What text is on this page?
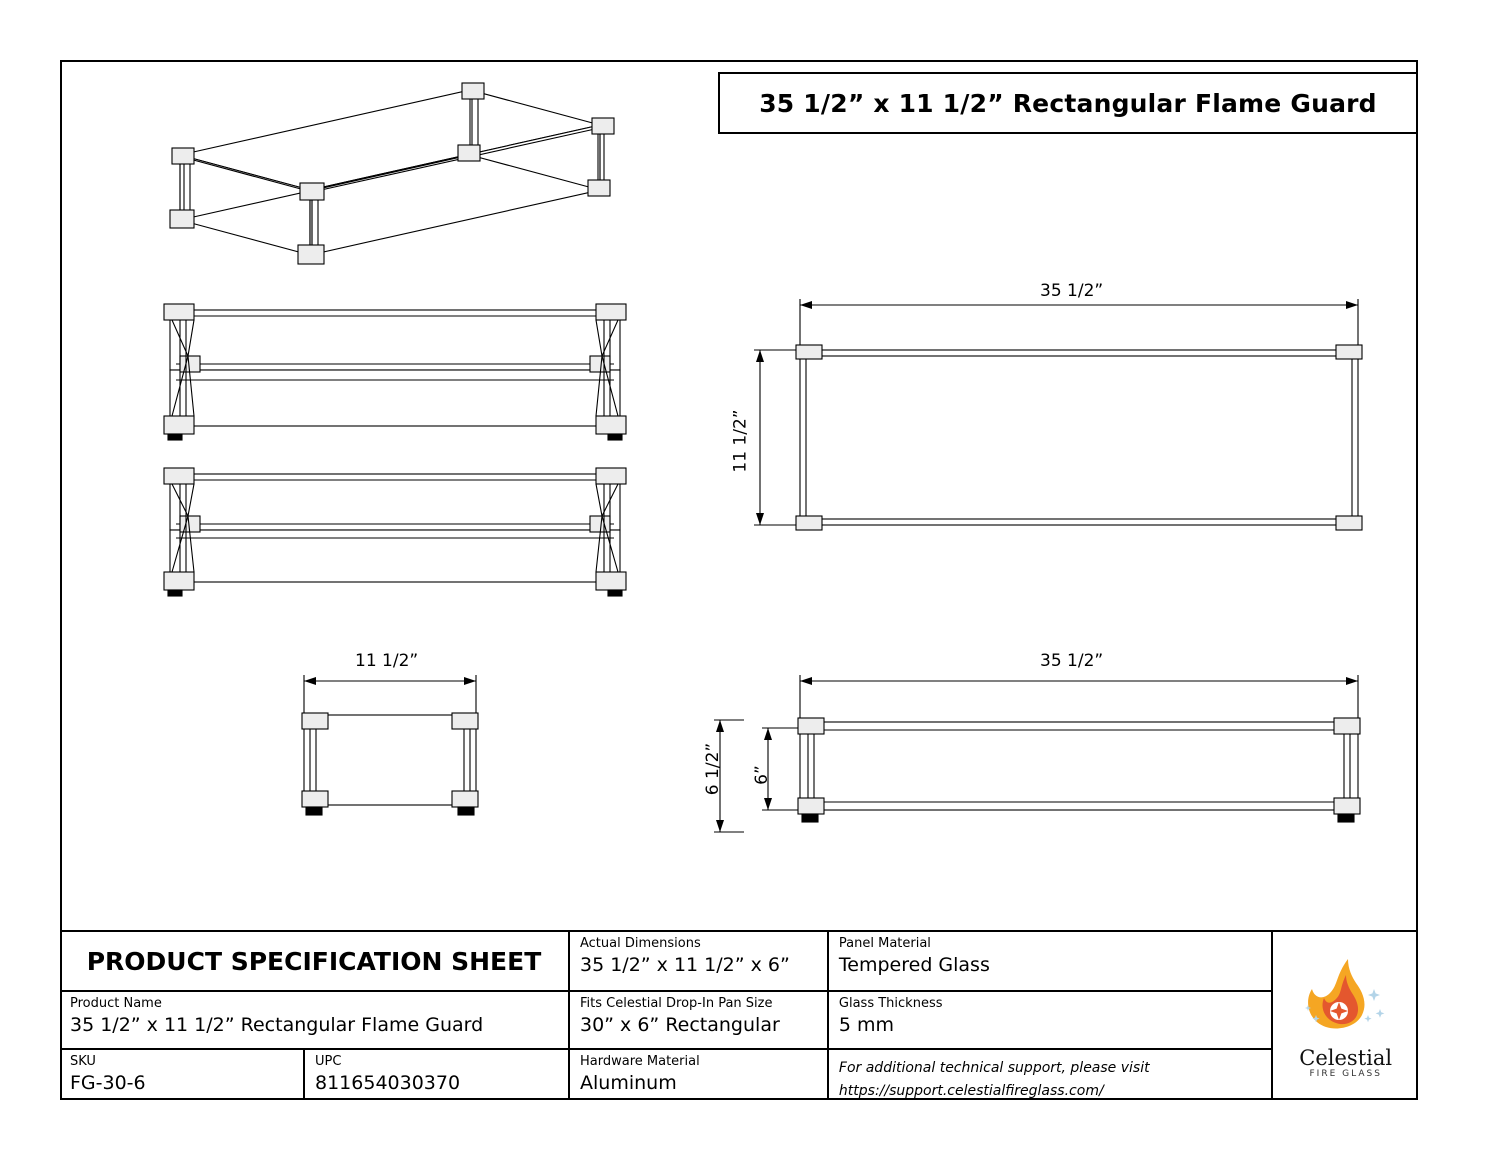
35 1/2” x 11 1/2” Rectangular Flame Guard
35 1/2”
11 1/2”
11 1/2”	35 1/2”
6 1/2” 6”
PRODUCT SPECIFICATION SHEET
Product Name
35 1/2” x 11 1/2” Rectangular Flame Guard
SKU
FG-30-6
UPC
811654030370
Actual Dimensions
35 1/2” x 11 1/2” x 6”
Fits Celestial Drop-In Pan Size
30” x 6” Rectangular
Hardware Material
Aluminum
Panel Material
Tempered Glass
Glass Thickness
5 mm
For additional technical support, please visit
https://support.celestialfireglass.com/
Celestial
FIRE GLASS
